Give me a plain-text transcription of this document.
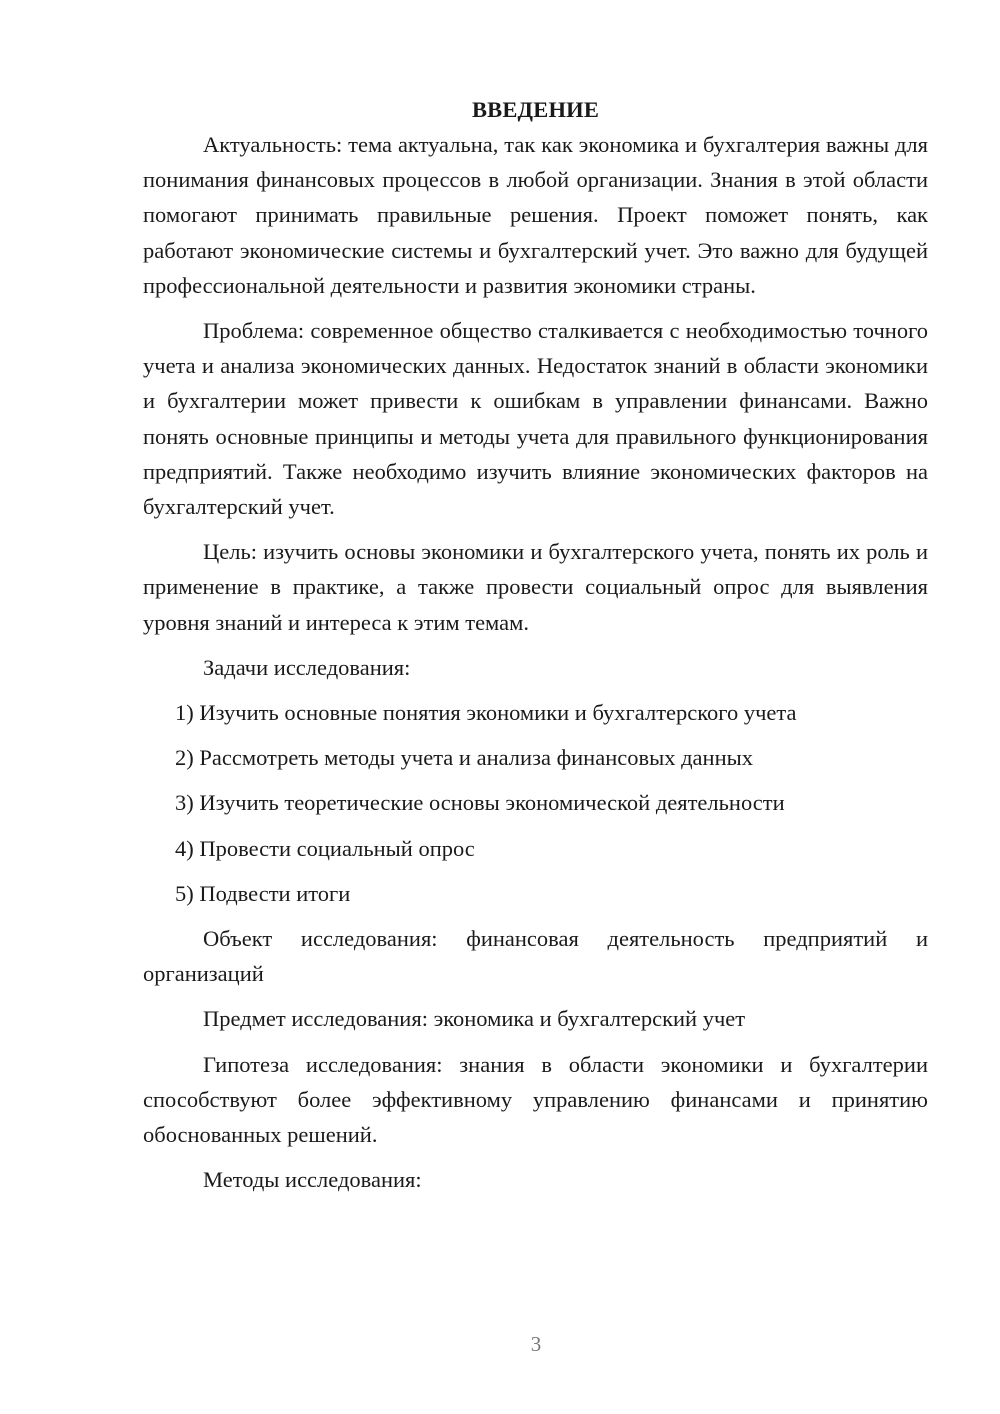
ВВЕДЕНИЕ

Актуальность: тема актуальна, так как экономика и бухгалтерия важны для понимания финансовых процессов в любой организации. Знания в этой области помогают принимать правильные решения. Проект поможет понять, как работают экономические системы и бухгалтерский учет. Это важно для будущей профессиональной деятельности и развития экономики страны.

Проблема: современное общество сталкивается с необходимостью точного учета и анализа экономических данных. Недостаток знаний в области экономики и бухгалтерии может привести к ошибкам в управлении финансами. Важно понять основные принципы и методы учета для правильного функционирования предприятий. Также необходимо изучить влияние экономических факторов на бухгалтерский учет.

Цель: изучить основы экономики и бухгалтерского учета, понять их роль и применение в практике, а также провести социальный опрос для выявления уровня знаний и интереса к этим темам.

Задачи исследования:

1) Изучить основные понятия экономики и бухгалтерского учета
2) Рассмотреть методы учета и анализа финансовых данных
3) Изучить теоретические основы экономической деятельности
4) Провести социальный опрос
5) Подвести итоги

Объект исследования: финансовая деятельность предприятий и организаций

Предмет исследования: экономика и бухгалтерский учет

Гипотеза исследования: знания в области экономики и бухгалтерии способствуют более эффективному управлению финансами и принятию обоснованных решений.

Методы исследования:

3
